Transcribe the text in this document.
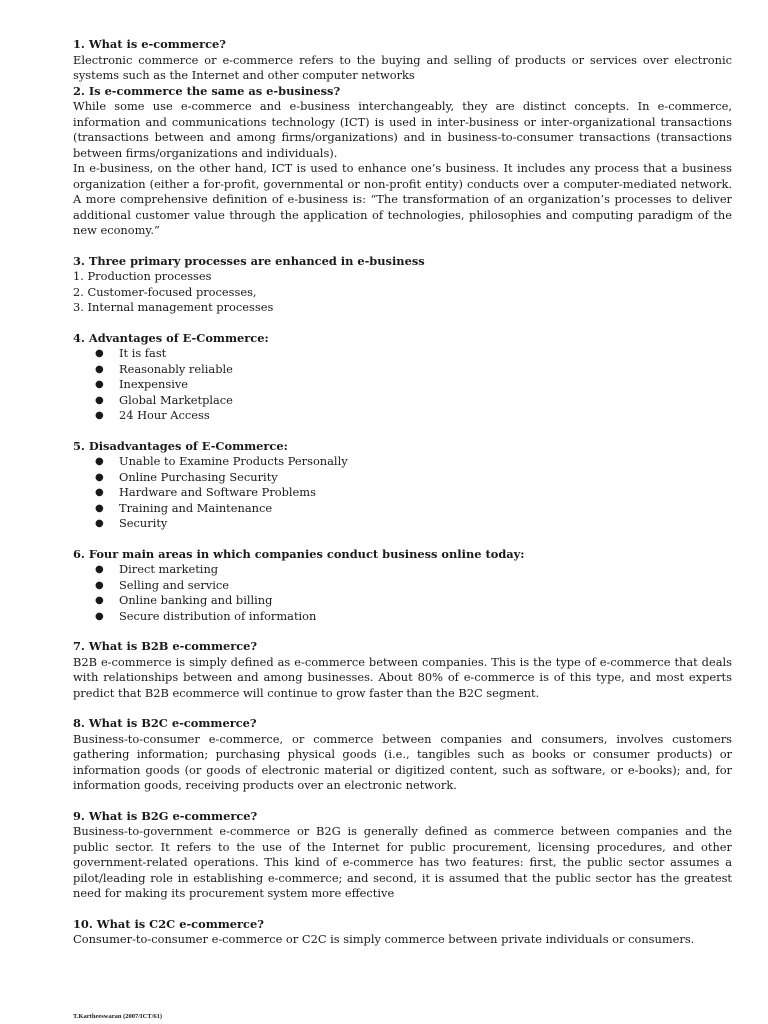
1. What is e-commerce?

Electronic commerce or e-commerce refers to the buying and selling of products or services over electronic systems such as the Internet and other computer networks

2. Is e-commerce the same as e-business?

While some use e-commerce and e-business interchangeably, they are distinct concepts. In e-commerce, information and communications technology (ICT) is used in inter-business or inter-organizational transactions (transactions between and among firms/organizations) and in business-to-consumer transactions (transactions between firms/organizations and individuals).

In e-business, on the other hand, ICT is used to enhance one’s business. It includes any process that a business organization (either a for-profit, governmental or non-profit entity) conducts over a computer-mediated network. A more comprehensive definition of e-business is: “The transformation of an organization’s processes to deliver additional customer value through the application of technologies, philosophies and computing paradigm of the new economy.”

3. Three primary processes are enhanced in e-business

1. Production processes
2. Customer-focused processes,
3. Internal management processes

4. Advantages of E-Commerce:

● It is fast
● Reasonably reliable
● Inexpensive
● Global Marketplace
● 24 Hour Access

5. Disadvantages of E-Commerce:

● Unable to Examine Products Personally
● Online Purchasing Security
● Hardware and Software Problems
● Training and Maintenance
● Security

6. Four main areas in which companies conduct business online today:

● Direct marketing
● Selling and service
● Online banking and billing
● Secure distribution of information

7. What is B2B e-commerce?

B2B e-commerce is simply defined as e-commerce between companies. This is the type of e-commerce that deals with relationships between and among businesses. About 80% of e-commerce is of this type, and most experts predict that B2B ecommerce will continue to grow faster than the B2C segment.

8. What is B2C e-commerce?

Business-to-consumer e-commerce, or commerce between companies and consumers, involves customers gathering information; purchasing physical goods (i.e., tangibles such as books or consumer products) or information goods (or goods of electronic material or digitized content, such as software, or e-books); and, for information goods, receiving products over an electronic network.

9. What is B2G e-commerce?

Business-to-government e-commerce or B2G is generally defined as commerce between companies and the public sector. It refers to the use of the Internet for public procurement, licensing procedures, and other government-related operations. This kind of e-commerce has two features: first, the public sector assumes a pilot/leading role in establishing e-commerce; and second, it is assumed that the public sector has the greatest need for making its procurement system more effective

10. What is C2C e-commerce?

Consumer-to-consumer e-commerce or C2C is simply commerce between private individuals or consumers.

T.Kartheeswaran (2007/ICT/61)
